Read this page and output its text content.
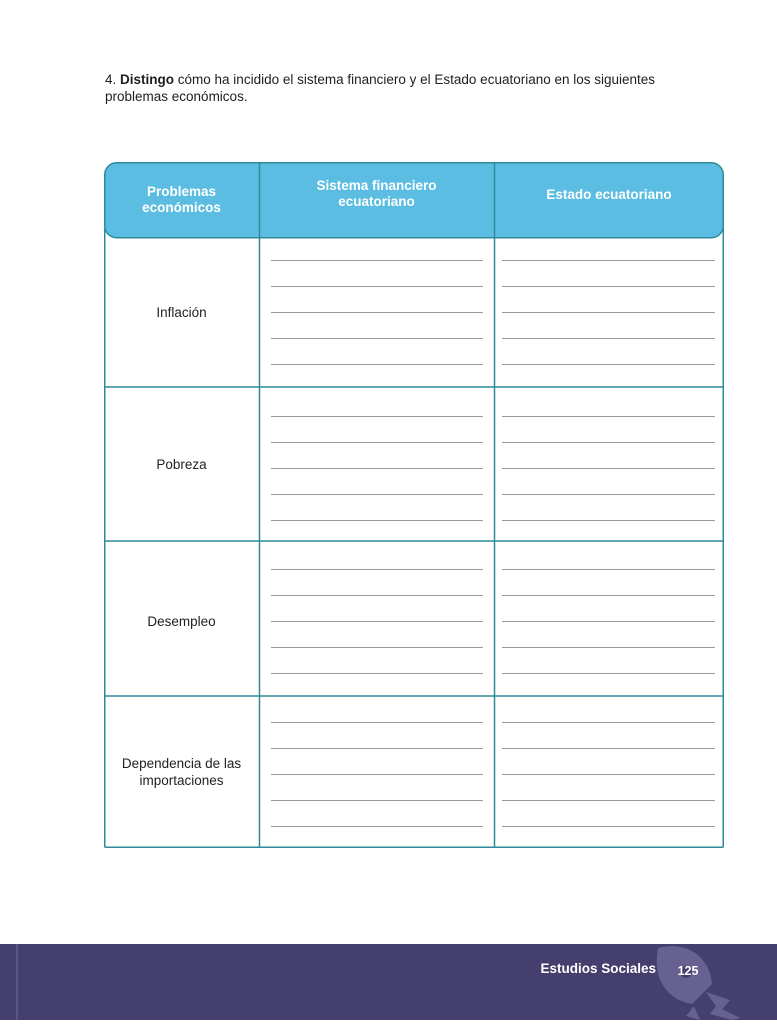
4. Distingo cómo ha incidido el sistema financiero y el Estado ecuatoriano en los siguientes problemas económicos.
Problemas económicos
Sistema financiero ecuatoriano	Estado ecuatoriano
Inflación
Pobreza
Desempleo
Dependencia de las importaciones
Estudios Sociales	125
